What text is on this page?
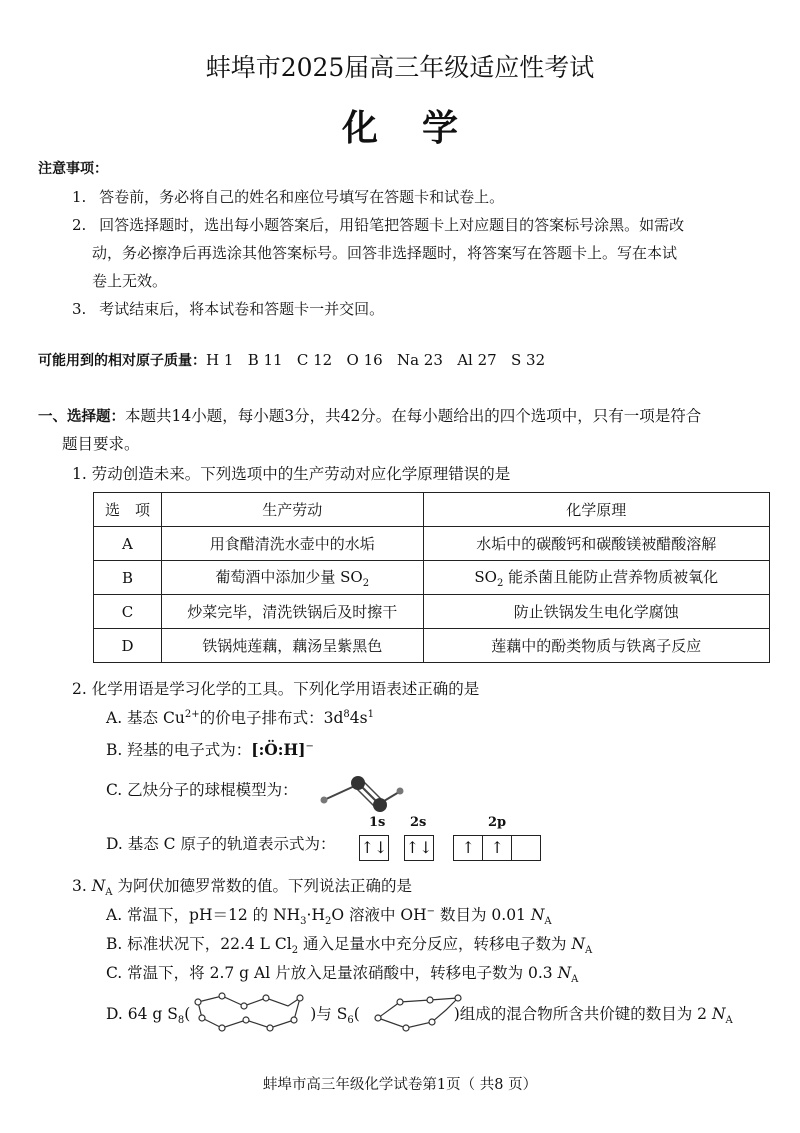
蚌埠市2025届高三年级适应性考试
化学
注意事项：
1. 答卷前，务必将自己的姓名和座位号填写在答题卡和试卷上。
2. 回答选择题时，选出每小题答案后，用铅笔把答题卡上对应题目的答案标号涂黑。如需改
动，务必擦净后再选涂其他答案标号。回答非选择题时，将答案写在答题卡上。写在本试
卷上无效。
3. 考试结束后，将本试卷和答题卡一并交回。
可能用到的相对原子质量：H 1   B 11   C 12   O 16   Na 23   Al 27   S 32
一、选择题：本题共14小题，每小题3分，共42分。在每小题给出的四个选项中，只有一项是符合
题目要求。
1. 劳动创造未来。下列选项中的生产劳动对应化学原理错误的是
选　项	生产劳动	化学原理
A	用食醋清洗水壶中的水垢	水垢中的碳酸钙和碳酸镁被醋酸溶解
B	葡萄酒中添加少量 $SO_2$	$SO_2$ 能杀菌且能防止营养物质被氧化
C	炒菜完毕，清洗铁锅后及时擦干	防止铁锅发生电化学腐蚀
D	铁锅炖莲藕，藕汤呈紫黑色	莲藕中的酚类物质与铁离子反应
2. 化学用语是学习化学的工具。下列化学用语表述正确的是
A. 基态 $Cu^{2+}$的价电子排布式：$3d^84s^1$
B. 羟基的电子式为：[:Ö:H]−
C. 乙炔分子的球棍模型为：
D. 基态 C 原子的轨道表示式为：
1s 2s	2p
↑↓ ↑↓ ↑ ↑
3. $N_A$ 为阿伏加德罗常数的值。下列说法正确的是
A. 常温下，pH＝12 的 $NH_3\cdot H_2O$ 溶液中 OH− 数目为 0.01 $N_A$
B. 标准状况下，22.4 L $Cl_2$ 通入足量水中充分反应，转移电子数为 $N_A$
C. 常温下，将 2.7 g Al 片放入足量浓硝酸中，转移电子数为 0.3 $N_A$
D. 64 g $S_8$(	)与 $S_6$(	)组成的混合物所含共价键的数目为 2 $N_A$
蚌埠市高三年级化学试卷第1页（ 共8 页）
